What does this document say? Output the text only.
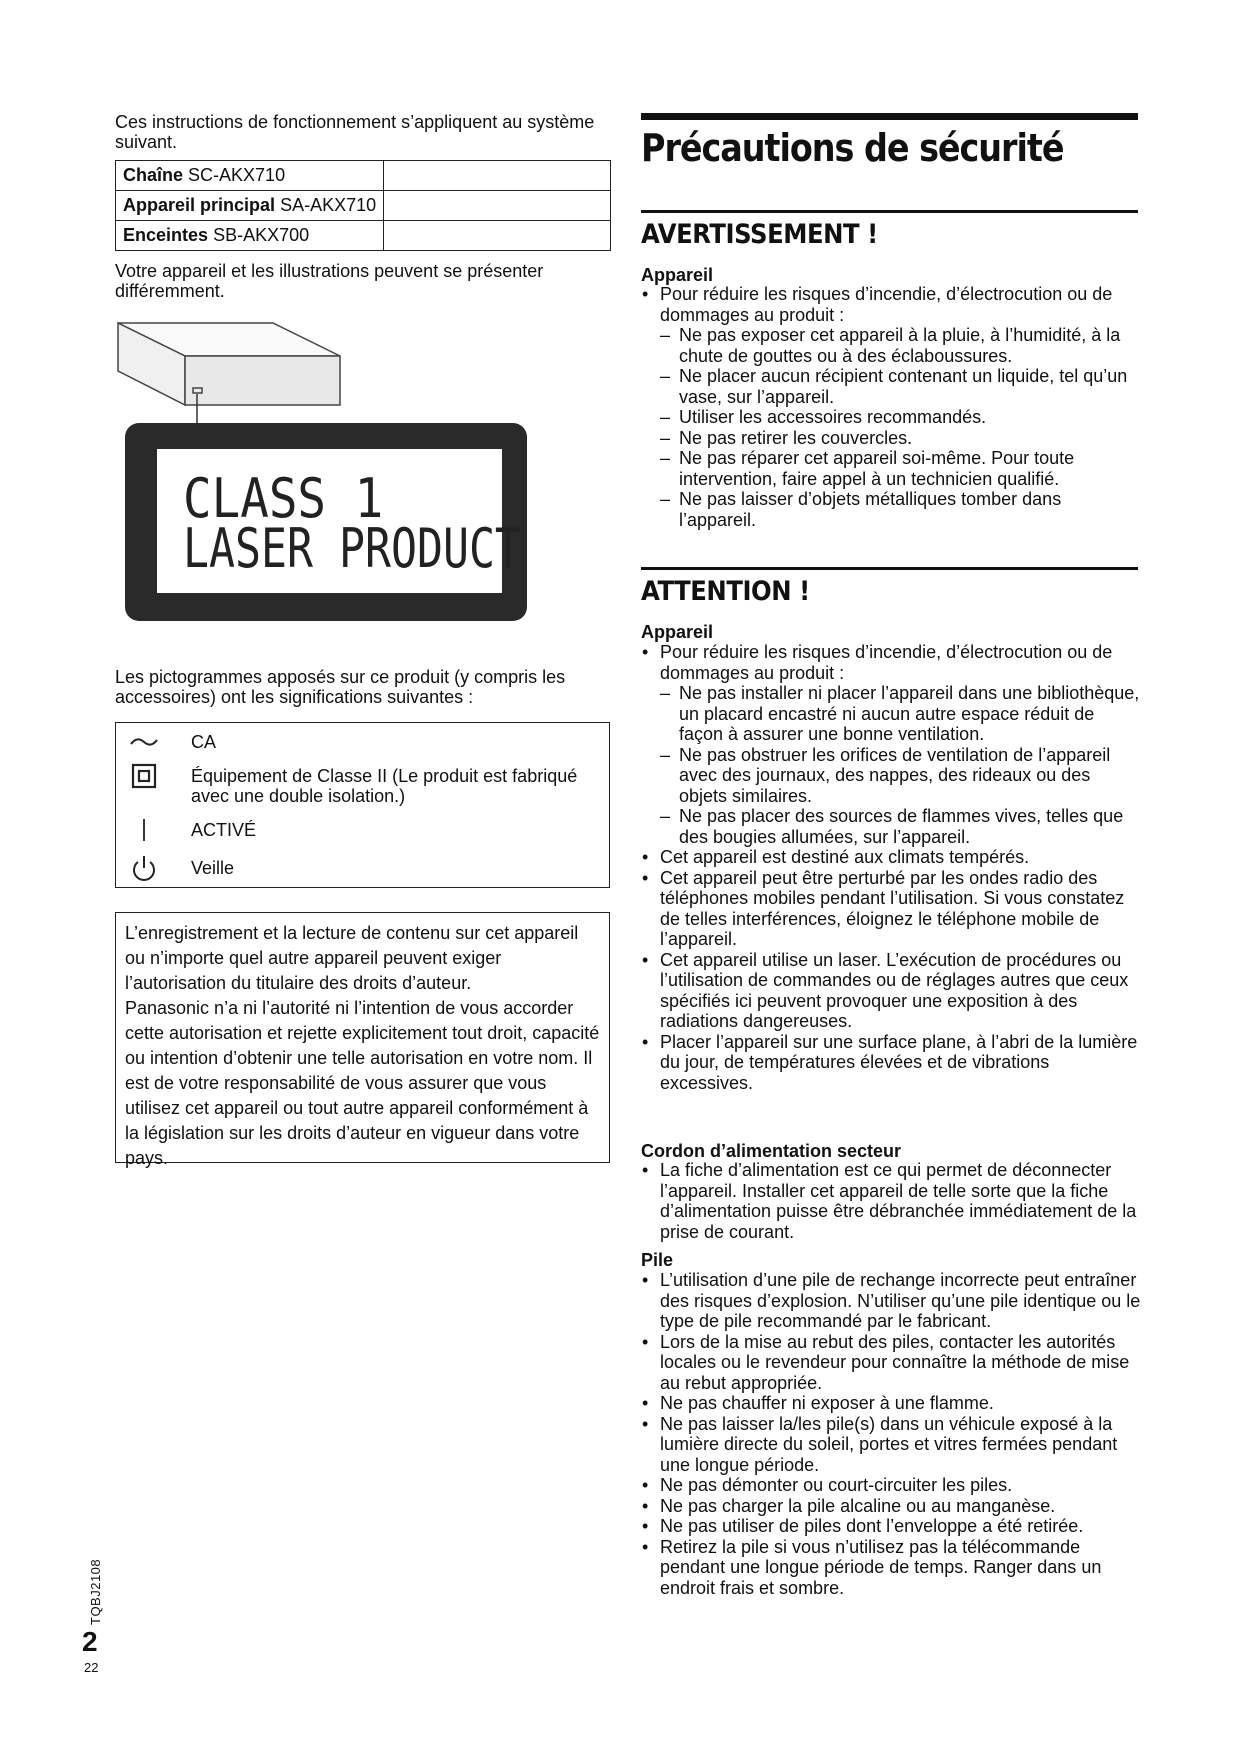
Ces instructions de fonctionnement s’appliquent au système suivant.
Chaîne SC-AKX710	
Appareil principal SA-AKX710	
Enceintes SB-AKX700	
Votre appareil et les illustrations peuvent se présenter différemment.
CLASS 1
LASER PRODUCT
Les pictogrammes apposés sur ce produit (y compris les accessoires) ont les significations suivantes :
CA
Équipement de Classe II (Le produit est fabriqué avec une double isolation.)
ACTIVÉ
Veille

L’enregistrement et la lecture de contenu sur cet appareil ou n’importe quel autre appareil peuvent exiger l’autorisation du titulaire des droits d’auteur.

Panasonic n’a ni l’autorité ni l’intention de vous accorder cette autorisation et rejette explicitement tout droit, capacité ou intention d’obtenir une telle autorisation en votre nom. Il est de votre responsabilité de vous assurer que vous utilisez cet appareil ou tout autre appareil conformément à la législation sur les droits d’auteur en vigueur dans votre pays.

TQBJ2108
2
22
Précautions de sécurité
AVERTISSEMENT !
Appareil
• Pour réduire les risques d’incendie, d’électrocution ou de dommages au produit :
– Ne pas exposer cet appareil à la pluie, à l’humidité, à la chute de gouttes ou à des éclaboussures.
– Ne placer aucun récipient contenant un liquide, tel qu’un vase, sur l’appareil.
– Utiliser les accessoires recommandés.
– Ne pas retirer les couvercles.
– Ne pas réparer cet appareil soi-même. Pour toute intervention, faire appel à un technicien qualifié.
– Ne pas laisser d’objets métalliques tomber dans l’appareil.
ATTENTION !
Appareil
• Pour réduire les risques d’incendie, d’électrocution ou de dommages au produit :
– Ne pas installer ni placer l’appareil dans une bibliothèque, un placard encastré ni aucun autre espace réduit de façon à assurer une bonne ventilation.
– Ne pas obstruer les orifices de ventilation de l’appareil avec des journaux, des nappes, des rideaux ou des objets similaires.
– Ne pas placer des sources de flammes vives, telles que des bougies allumées, sur l’appareil.
• Cet appareil est destiné aux climats tempérés.
• Cet appareil peut être perturbé par les ondes radio des téléphones mobiles pendant l’utilisation. Si vous constatez de telles interférences, éloignez le téléphone mobile de l’appareil.
• Cet appareil utilise un laser. L’exécution de procédures ou l’utilisation de commandes ou de réglages autres que ceux spécifiés ici peuvent provoquer une exposition à des radiations dangereuses.
• Placer l’appareil sur une surface plane, à l’abri de la lumière du jour, de températures élevées et de vibrations excessives.
Cordon d’alimentation secteur
• La fiche d’alimentation est ce qui permet de déconnecter l’appareil. Installer cet appareil de telle sorte que la fiche d’alimentation puisse être débranchée immédiatement de la prise de courant.
Pile
• L’utilisation d’une pile de rechange incorrecte peut entraîner des risques d’explosion. N’utiliser qu’une pile identique ou le type de pile recommandé par le fabricant.
• Lors de la mise au rebut des piles, contacter les autorités locales ou le revendeur pour connaître la méthode de mise au rebut appropriée.
• Ne pas chauffer ni exposer à une flamme.
• Ne pas laisser la/les pile(s) dans un véhicule exposé à la lumière directe du soleil, portes et vitres fermées pendant une longue période.
• Ne pas démonter ou court-circuiter les piles.
• Ne pas charger la pile alcaline ou au manganèse.
• Ne pas utiliser de piles dont l’enveloppe a été retirée.
• Retirez la pile si vous n’utilisez pas la télécommande pendant une longue période de temps. Ranger dans un endroit frais et sombre.
